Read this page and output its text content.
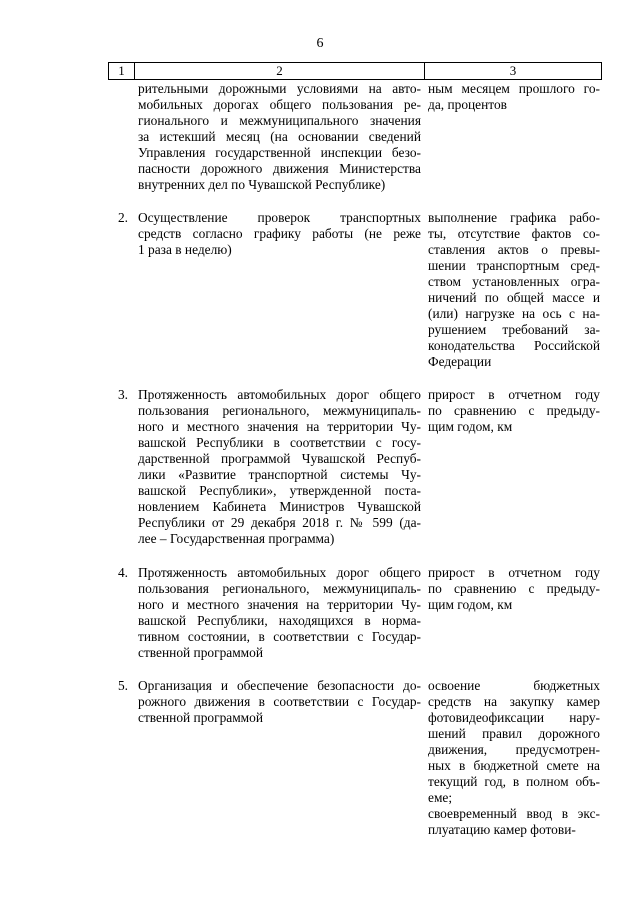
6
1	2	3
рительными дорожными условиями на авто-
мобильных дорогах общего пользования ре-
гионального и межмуниципального значения
за истекший месяц (на основании сведений
Управления государственной инспекции безо-
пасности дорожного движения Министерства
внутренних дел по Чувашской Республике)
ным месяцем прошлого го-
да, процентов
2. Осуществление проверок транспортных
средств согласно графику работы (не реже
1 раза в неделю)
выполнение графика рабо-
ты, отсутствие фактов со-
ставления актов о превы-
шении транспортным сред-
ством установленных огра-
ничений по общей массе и
(или) нагрузке на ось с на-
рушением требований за-
конодательства Российской
Федерации
3. Протяженность автомобильных дорог общего
пользования регионального, межмуниципаль-
ного и местного значения на территории Чу-
вашской Республики в соответствии с госу-
дарственной программой Чувашской Респуб-
лики «Развитие транспортной системы Чу-
вашской Республики», утвержденной поста-
новлением Кабинета Министров Чувашской
Республики от 29 декабря 2018 г. № 599 (да-
лее – Государственная программа)
прирост в отчетном году
по сравнению с предыду-
щим годом, км
4. Протяженность автомобильных дорог общего
пользования регионального, межмуниципаль-
ного и местного значения на территории Чу-
вашской Республики, находящихся в норма-
тивном состоянии, в соответствии с Государ-
ственной программой
прирост в отчетном году
по сравнению с предыду-
щим годом, км
5. Организация и обеспечение безопасности до-
рожного движения в соответствии с Государ-
ственной программой
освоение бюджетных
средств на закупку камер
фотовидеофиксации нару-
шений правил дорожного
движения, предусмотрен-
ных в бюджетной смете на
текущий год, в полном объ-
еме;
своевременный ввод в экс-
плуатацию камер фотови-
